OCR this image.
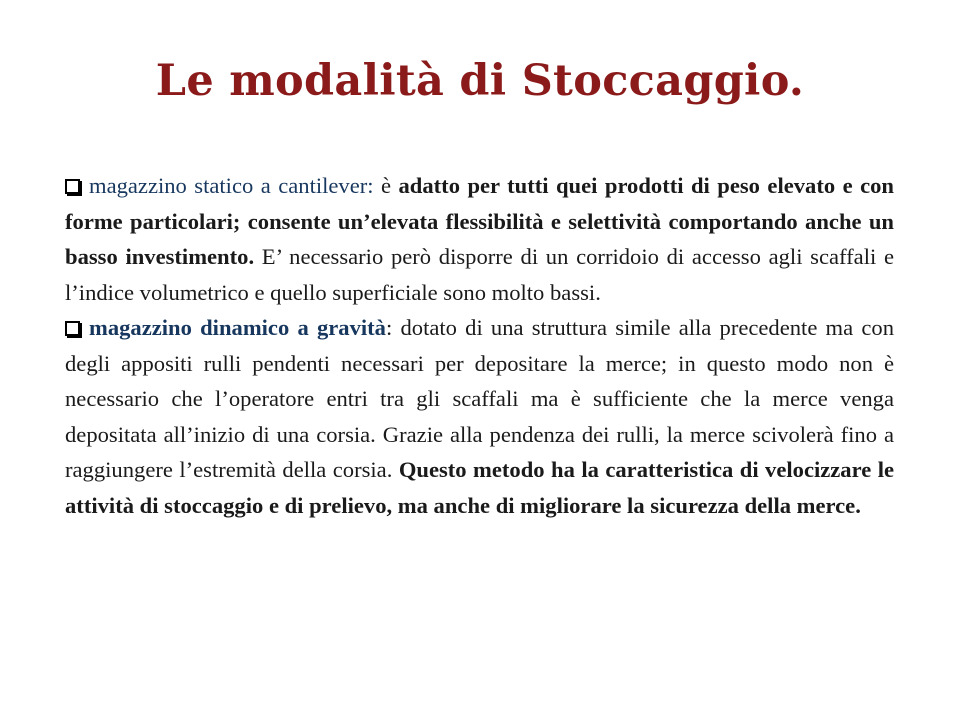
Le modalità di Stoccaggio.

magazzino statico a cantilever: è adatto per tutti quei prodotti di peso elevato e con forme particolari; consente un’elevata flessibilità e selettività comportando anche un basso investimento. E’ necessario però disporre di un corridoio di accesso agli scaffali e l’indice volumetrico e quello superficiale sono molto bassi.

magazzino dinamico a gravità: dotato di una struttura simile alla precedente ma con degli appositi rulli pendenti necessari per depositare la merce; in questo modo non è necessario che l’operatore entri tra gli scaffali ma è sufficiente che la merce venga depositata all’inizio di una corsia. Grazie alla pendenza dei rulli, la merce scivolerà fino a raggiungere l’estremità della corsia. Questo metodo ha la caratteristica di velocizzare le attività di stoccaggio e di prelievo, ma anche di migliorare la sicurezza della merce.
